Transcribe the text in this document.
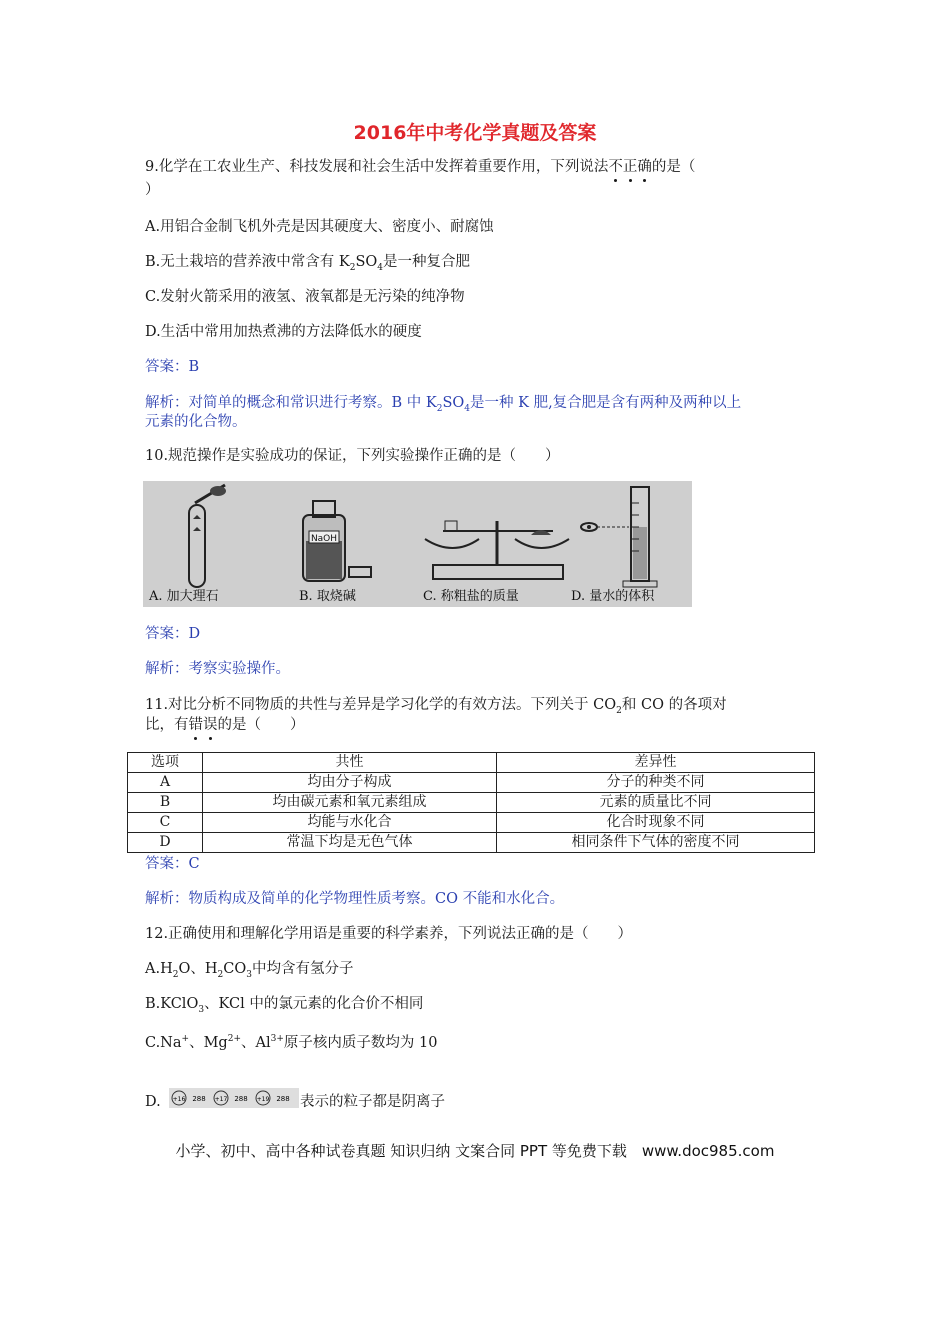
2016年中考化学真题及答案
9.化学在工农业生产、科技发展和社会生活中发挥着重要作用，下列说法不正确的是（
）
A.用铝合金制飞机外壳是因其硬度大、密度小、耐腐蚀
B.无土栽培的营养液中常含有 $K_2SO_4$是一种复合肥
C.发射火箭采用的液氢、液氧都是无污染的纯净物
D.生活中常用加热煮沸的方法降低水的硬度
答案：B
解析：对简单的概念和常识进行考察。B 中 $K_2SO_4$是一种 K 肥,复合肥是含有两种及两种以上
元素的化合物。
10.规范操作是实验成功的保证，下列实验操作正确的是（　　）
NaOH
A. 加大理石	B. 取烧碱	C. 称粗盐的质量	D. 量水的体积
答案：D
解析：考察实验操作。
11.对比分析不同物质的共性与差异是学习化学的有效方法。下列关于 $CO_2$和 CO 的各项对
比，有错误的是（　　）
选项	共性	差异性
A	均由分子构成	分子的种类不同
B	均由碳元素和氧元素组成	元素的质量比不同
C	均能与水化合	化合时现象不同
D	常温下均是无色气体	相同条件下气体的密度不同
答案：C
解析：物质构成及简单的化学物理性质考察。CO 不能和水化合。
12.正确使用和理解化学用语是重要的科学素养，下列说法正确的是（　　）
$A.H_2O$、$H_2CO_3$中均含有氢分子
B.KClO$_3$、KCl 中的氯元素的化合价不相同
C.Na+、$Mg^{2+}$、$Al^{3+}$原子核内质子数均为 10
D. +16 288 +17 288 +19 288 表示的粒子都是阴离子
小学、初中、高中各种试卷真题 知识归纳 文案合同 PPT 等免费下载　www.doc985.com
